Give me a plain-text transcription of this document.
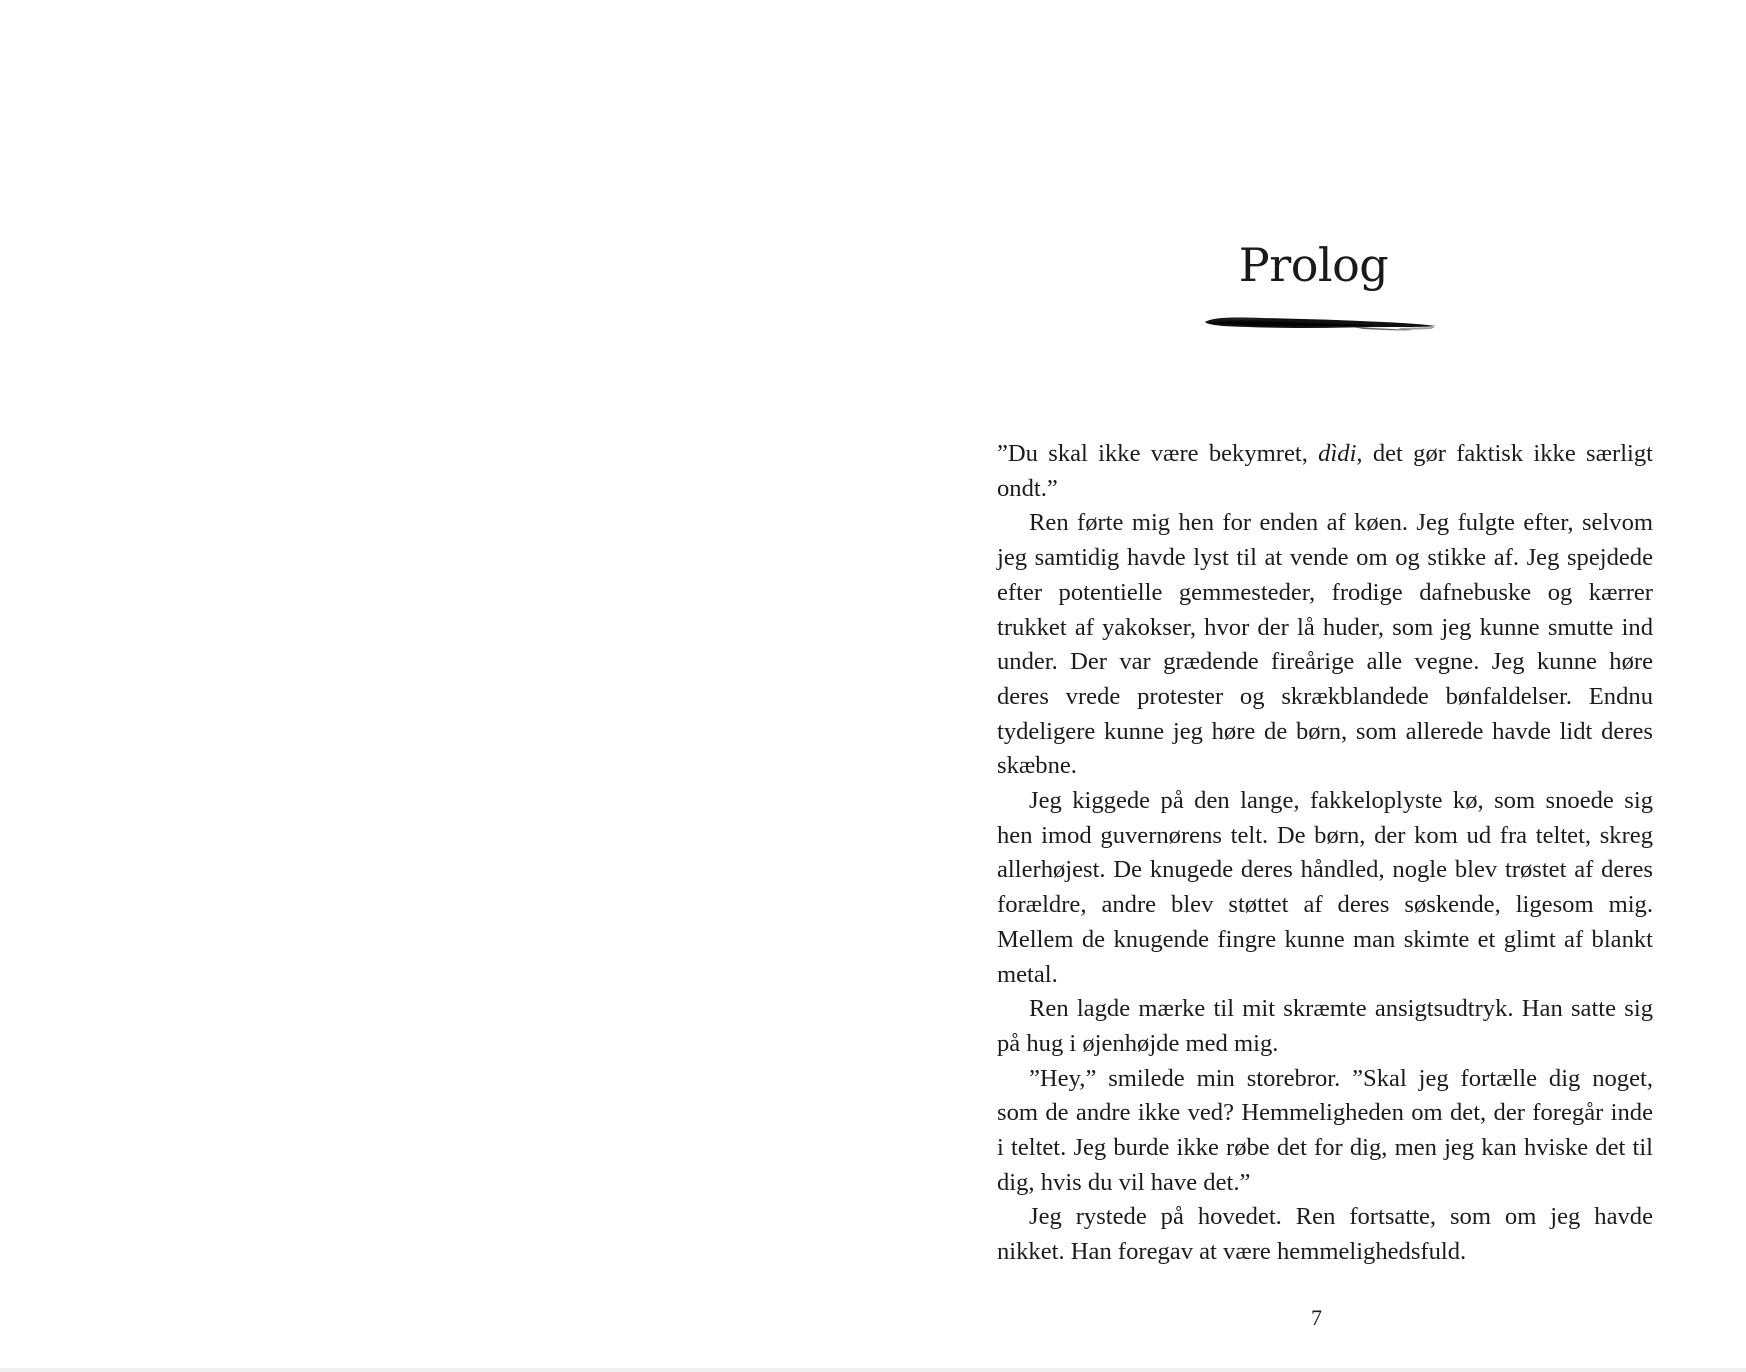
Prolog

”Du skal ikke være bekymret, dìdi, det gør faktisk ikke særligt ondt.”

Ren førte mig hen for enden af køen. Jeg fulgte efter, selvom jeg samtidig havde lyst til at vende om og stikke af. Jeg spejdede efter potentielle gemmesteder, frodige dafnebuske og kærrer trukket af yakokser, hvor der lå huder, som jeg kunne smutte ind under. Der var grædende fireårige alle vegne. Jeg kunne høre deres vrede protester og skrækblandede bønfaldelser. Endnu tydeligere kunne jeg høre de børn, som allerede havde lidt deres skæbne.

Jeg kiggede på den lange, fakkeloplyste kø, som snoede sig hen imod guvernørens telt. De børn, der kom ud fra teltet, skreg allerhøjest. De knugede deres håndled, nogle blev trøstet af deres forældre, andre blev støttet af deres søskende, ligesom mig. Mellem de knugende fingre kunne man skimte et glimt af blankt metal.

Ren lagde mærke til mit skræmte ansigtsudtryk. Han satte sig på hug i øjenhøjde med mig.

”Hey,” smilede min storebror. ”Skal jeg fortælle dig noget, som de andre ikke ved? Hemmeligheden om det, der foregår inde i teltet. Jeg burde ikke røbe det for dig, men jeg kan hviske det til dig, hvis du vil have det.”

Jeg rystede på hovedet. Ren fortsatte, som om jeg havde nikket. Han foregav at være hemmelighedsfuld.

7
